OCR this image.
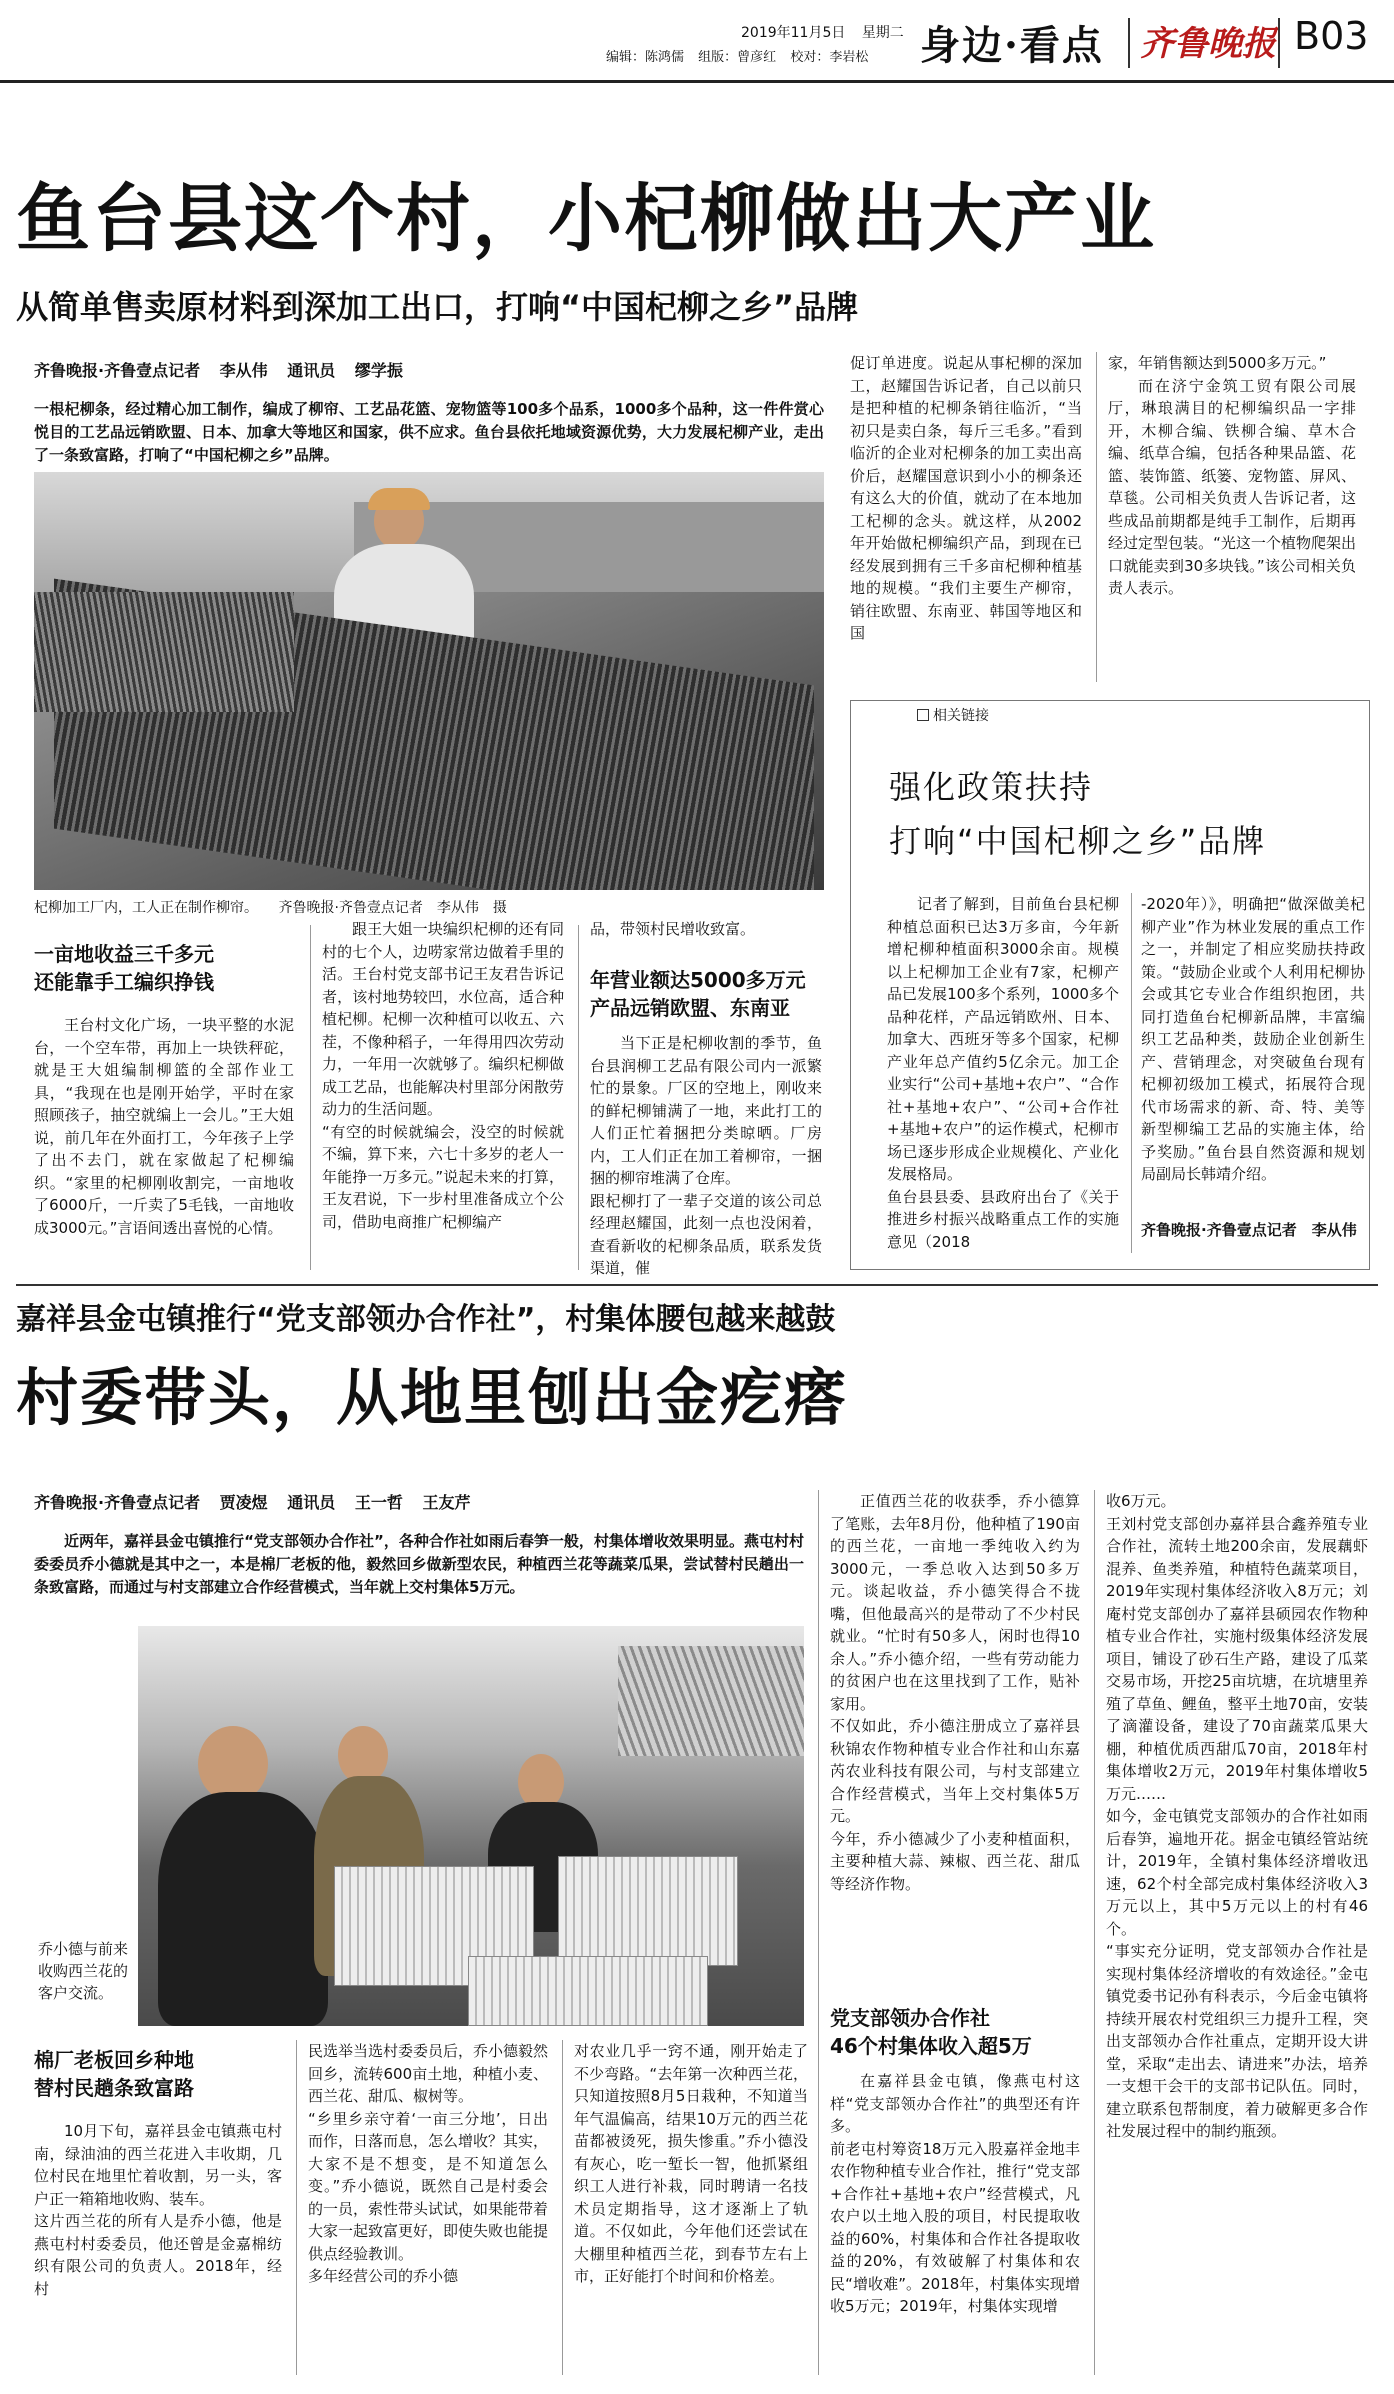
2019年11月5日 星期二
编辑：陈鸿儒 组版：曾彦红 校对：李岩松 身边·看点 齐鲁晚报 B03
鱼台县这个村，小杞柳做出大产业
从简单售卖原材料到深加工出口，打响“中国杞柳之乡”品牌
齐鲁晚报·齐鲁壹点记者 李从伟 通讯员 缪学振
一根杞柳条，经过精心加工制作，编成了柳帘、工艺品花篮、宠物篮等100多个品系，1000多个品种，这一件件赏心悦目的工艺品远销欧盟、日本、加拿大等地区和国家，供不应求。鱼台县依托地域资源优势，大力发展杞柳产业，走出了一条致富路，打响了“中国杞柳之乡”品牌。
杞柳加工厂内，工人正在制作柳帘。 齐鲁晚报·齐鲁壹点记者　李从伟　摄
促订单进度。说起从事杞柳的深加工，赵耀国告诉记者，自己以前只是把种植的杞柳条销往临沂，“当初只是卖白条，每斤三毛多。”看到临沂的企业对杞柳条的加工卖出高价后，赵耀国意识到小小的柳条还有这么大的价值，就动了在本地加工杞柳的念头。就这样，从2002年开始做杞柳编织产品，到现在已经发展到拥有三千多亩杞柳种植基地的规模。“我们主要生产柳帘，销往欧盟、东南亚、韩国等地区和国
家，年销售额达到5000多万元。”
而在济宁金筑工贸有限公司展厅，琳琅满目的杞柳编织品一字排开，木柳合编、铁柳合编、草木合编、纸草合编，包括各种果品篮、花篮、装饰篮、纸篓、宠物篮、屏风、草毯。公司相关负责人告诉记者，这些成品前期都是纯手工制作，后期再经过定型包装。“光这一个植物爬架出口就能卖到30多块钱。”该公司相关负责人表示。
一亩地收益三千多元
还能靠手工编织挣钱
王台村文化广场，一块平整的水泥台，一个空车带，再加上一块铁秤砣，就是王大姐编制柳篮的全部作业工具，“我现在也是刚开始学，平时在家照顾孩子，抽空就编上一会儿。”王大姐说，前几年在外面打工，今年孩子上学了出不去门，就在家做起了杞柳编织。“家里的杞柳刚收割完，一亩地收了6000斤，一斤卖了5毛钱，一亩地收成3000元。”言语间透出喜悦的心情。
跟王大姐一块编织杞柳的还有同村的七个人，边唠家常边做着手里的活。王台村党支部书记王友君告诉记者，该村地势较凹，水位高，适合种植杞柳。杞柳一次种植可以收五、六茬，不像种稻子，一年得用四次劳动力，一年用一次就够了。编织杞柳做成工艺品，也能解决村里部分闲散劳动力的生活问题。
“有空的时候就编会，没空的时候就不编，算下来，六七十多岁的老人一年能挣一万多元。”说起未来的打算，王友君说，下一步村里准备成立个公司，借助电商推广杞柳编产
品，带领村民增收致富。
年营业额达5000多万元
产品远销欧盟、东南亚
当下正是杞柳收割的季节，鱼台县润柳工艺品有限公司内一派繁忙的景象。厂区的空地上，刚收来的鲜杞柳铺满了一地，来此打工的人们正忙着捆把分类晾晒。厂房内，工人们正在加工着柳帘，一捆捆的柳帘堆满了仓库。
跟杞柳打了一辈子交道的该公司总经理赵耀国，此刻一点也没闲着，查看新收的杞柳条品质，联系发货渠道，催
相关链接
强化政策扶持
打响“中国杞柳之乡”品牌
记者了解到，目前鱼台县杞柳种植总面积已达3万多亩，今年新增杞柳种植面积3000余亩。规模以上杞柳加工企业有7家，杞柳产品已发展100多个系列，1000多个品种花样，产品远销欧州、日本、加拿大、西班牙等多个国家，杞柳产业年总产值约5亿余元。加工企业实行“公司+基地+农户”、“合作社+基地+农户”、“公司+合作社+基地+农户”的运作模式，杞柳市场已逐步形成企业规模化、产业化发展格局。
鱼台县县委、县政府出台了《关于推进乡村振兴战略重点工作的实施意见（2018
-2020年）》，明确把“做深做美杞柳产业”作为林业发展的重点工作之一，并制定了相应奖励扶持政策。“鼓励企业或个人利用杞柳协会或其它专业合作组织抱团，共同打造鱼台杞柳新品牌，丰富编织工艺品种类，鼓励企业创新生产、营销理念，对突破鱼台现有杞柳初级加工模式，拓展符合现代市场需求的新、奇、特、美等新型柳编工艺品的实施主体，给予奖励。”鱼台县自然资源和规划局副局长韩靖介绍。
齐鲁晚报·齐鲁壹点记者　李从伟
嘉祥县金屯镇推行“党支部领办合作社”，村集体腰包越来越鼓
村委带头，从地里刨出金疙瘩
齐鲁晚报·齐鲁壹点记者 贾凌煜 通讯员 王一哲 王友芹
近两年，嘉祥县金屯镇推行“党支部领办合作社”，各种合作社如雨后春笋一般，村集体增收效果明显。燕屯村村委委员乔小德就是其中之一，本是棉厂老板的他，毅然回乡做新型农民，种植西兰花等蔬菜瓜果，尝试替村民趟出一条致富路，而通过与村支部建立合作经营模式，当年就上交村集体5万元。
乔小德与前来收购西兰花的客户交流。
正值西兰花的收获季，乔小德算了笔账，去年8月份，他种植了190亩的西兰花，一亩地一季纯收入约为3000元，一季总收入达到50多万元。谈起收益，乔小德笑得合不拢嘴，但他最高兴的是带动了不少村民就业。“忙时有50多人，闲时也得10余人。”乔小德介绍，一些有劳动能力的贫困户也在这里找到了工作，贴补家用。
不仅如此，乔小德注册成立了嘉祥县秋锦农作物种植专业合作社和山东嘉芮农业科技有限公司，与村支部建立合作经营模式，当年上交村集体5万元。
今年，乔小德减少了小麦种植面积，主要种植大蒜、辣椒、西兰花、甜瓜等经济作物。
党支部领办合作社
46个村集体收入超5万
在嘉祥县金屯镇，像燕屯村这样“党支部领办合作社”的典型还有许多。
前老屯村筹资18万元入股嘉祥金地丰农作物种植专业合作社，推行“党支部+合作社+基地+农户”经营模式，凡农户以土地入股的项目，村民提取收益的60%，村集体和合作社各提取收益的20%，有效破解了村集体和农民“增收难”。2018年，村集体实现增收5万元；2019年，村集体实现增
收6万元。
王刘村党支部创办嘉祥县合鑫养殖专业合作社，流转土地200余亩，发展藕虾混养、鱼类养殖，种植特色蔬菜项目，2019年实现村集体经济收入8万元；刘庵村党支部创办了嘉祥县硕园农作物种植专业合作社，实施村级集体经济发展项目，铺设了砂石生产路，建设了瓜菜交易市场，开挖25亩坑塘，在坑塘里养殖了草鱼、鲤鱼，整平土地70亩，安装了滴灌设备，建设了70亩蔬菜瓜果大棚，种植优质西甜瓜70亩，2018年村集体增收2万元，2019年村集体增收5万元……
如今，金屯镇党支部领办的合作社如雨后春笋，遍地开花。据金屯镇经管站统计，2019年，全镇村集体经济增收迅速，62个村全部完成村集体经济收入3万元以上，其中5万元以上的村有46个。
“事实充分证明，党支部领办合作社是实现村集体经济增收的有效途径。”金屯镇党委书记孙有科表示，今后金屯镇将持续开展农村党组织三力提升工程，突出支部领办合作社重点，定期开设大讲堂，采取“走出去、请进来”办法，培养一支想干会干的支部书记队伍。同时，建立联系包帮制度，着力破解更多合作社发展过程中的制约瓶颈。
棉厂老板回乡种地
替村民趟条致富路
10月下旬，嘉祥县金屯镇燕屯村南，绿油油的西兰花进入丰收期，几位村民在地里忙着收割，另一头，客户正一箱箱地收购、装车。
这片西兰花的所有人是乔小德，他是燕屯村村委委员，他还曾是金嘉棉纺织有限公司的负责人。2018年，经村
民选举当选村委委员后，乔小德毅然回乡，流转600亩土地，种植小麦、西兰花、甜瓜、椒树等。
“乡里乡亲守着‘一亩三分地’，日出而作，日落而息，怎么增收？其实，大家不是不想变，是不知道怎么变。”乔小德说，既然自己是村委会的一员，索性带头试试，如果能带着大家一起致富更好，即使失败也能提供点经验教训。
多年经营公司的乔小德
对农业几乎一窍不通，刚开始走了不少弯路。“去年第一次种西兰花，只知道按照8月5日栽种，不知道当年气温偏高，结果10万元的西兰花苗都被烫死，损失惨重。”乔小德没有灰心，吃一堑长一智，他抓紧组织工人进行补栽，同时聘请一名技术员定期指导，这才逐渐上了轨道。不仅如此，今年他们还尝试在大棚里种植西兰花，到春节左右上市，正好能打个时间和价格差。
